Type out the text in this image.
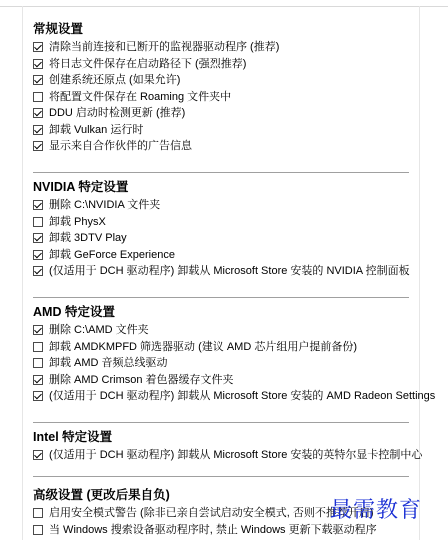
常规设置
清除当前连接和已断开的监视器驱动程序 (推荐)
将日志文件保存在启动路径下 (强烈推荐)
创建系统还原点 (如果允许)
将配置文件保存在 Roaming 文件夹中
DDU 启动时检测更新 (推荐)
卸载 Vulkan 运行时
显示来自合作伙伴的广告信息
NVIDIA 特定设置
删除 C:\NVIDIA 文件夹
卸载 PhysX
卸载 3DTV Play
卸载 GeForce Experience
(仅适用于 DCH 驱动程序) 卸载从 Microsoft Store 安装的 NVIDIA 控制面板
AMD 特定设置
删除 C:\AMD 文件夹
卸载 AMDKMPFD 筛选器驱动 (建议 AMD 芯片组用户提前备份)
卸载 AMD 音频总线驱动
删除 AMD Crimson 着色器缓存文件夹
(仅适用于 DCH 驱动程序) 卸载从 Microsoft Store 安装的 AMD Radeon Settings
Intel 特定设置
(仅适用于 DCH 驱动程序) 卸载从 Microsoft Store 安装的英特尔显卡控制中心
高级设置 (更改后果自负)
启用安全模式警告 (除非已亲自尝试启动安全模式, 否则不推荐开启)
当 Windows 搜索设备驱动程序时, 禁止 Windows 更新下载驱动程序
最需教育
